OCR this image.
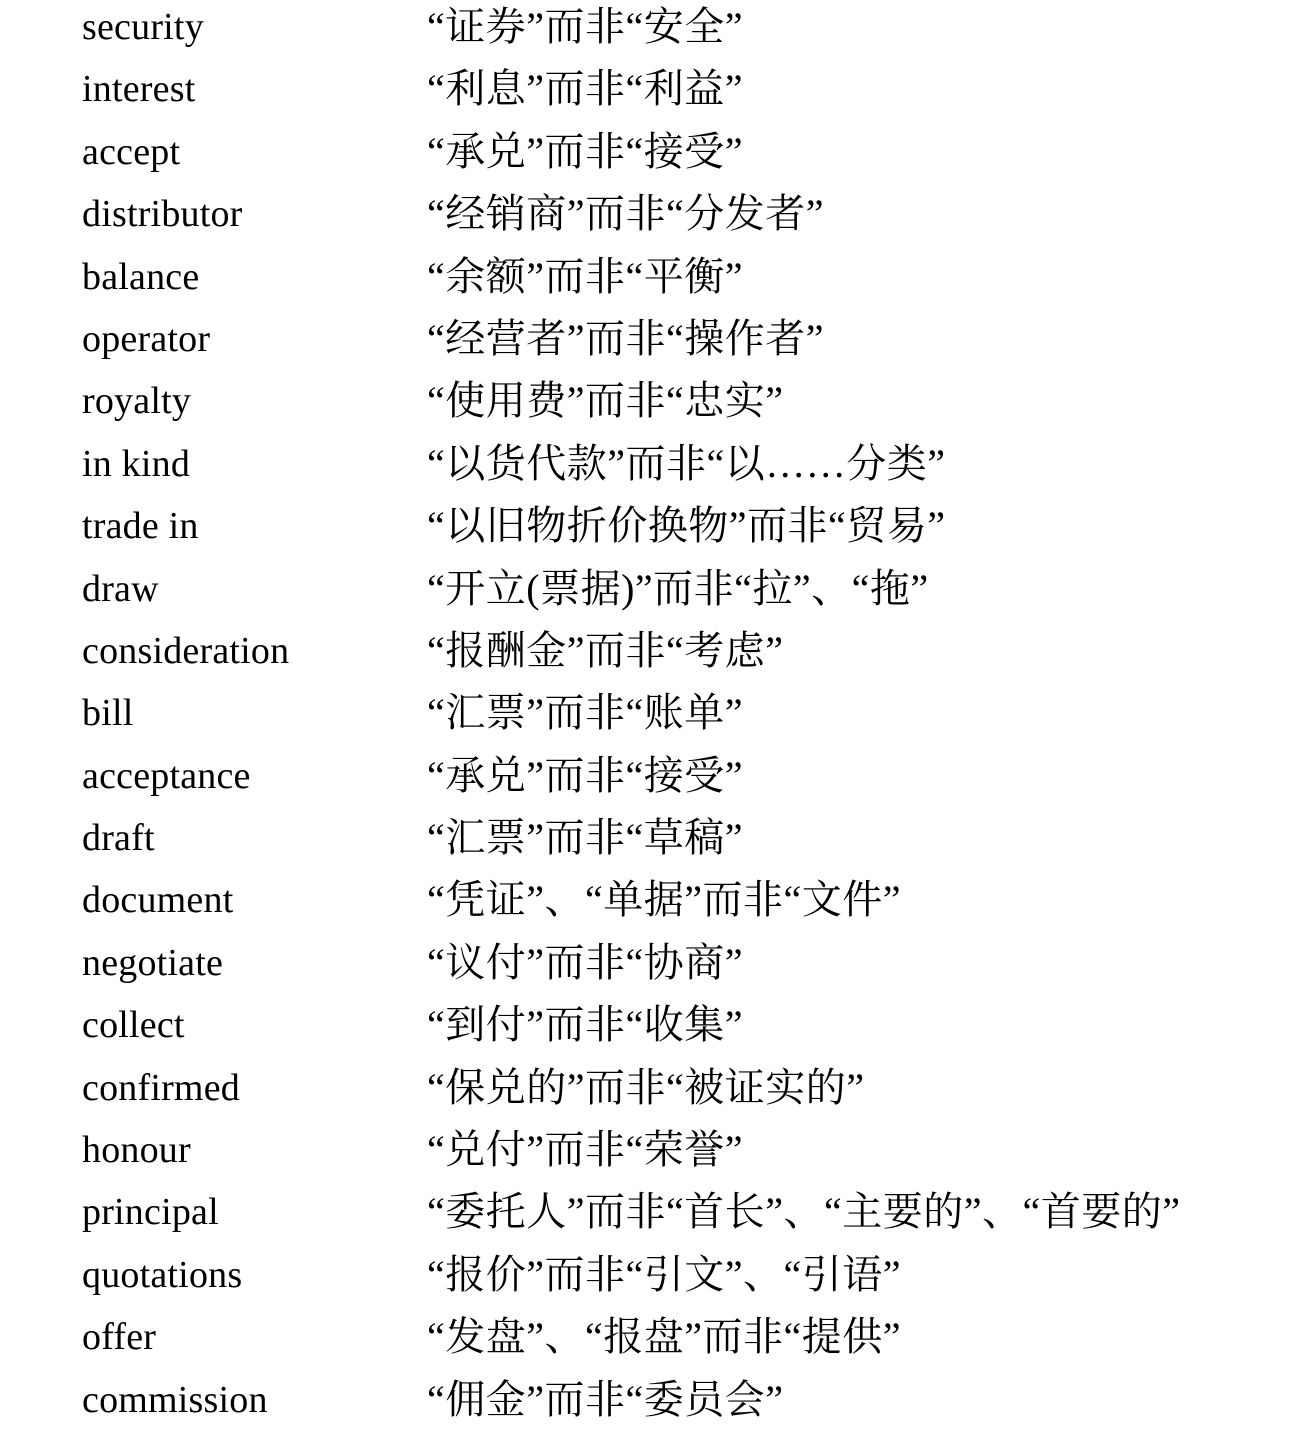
security	“证券”而非“安全”
interest	“利息”而非“利益”
accept	“承兑”而非“接受”
distributor	“经销商”而非“分发者”
balance	“余额”而非“平衡”
operator	“经营者”而非“操作者”
royalty	“使用费”而非“忠实”
in kind	“以货代款”而非“以……分类”
trade in	“以旧物折价换物”而非“贸易”
draw	“开立(票据)”而非“拉”、“拖”
consideration	“报酬金”而非“考虑”
bill	“汇票”而非“账单”
acceptance	“承兑”而非“接受”
draft	“汇票”而非“草稿”
document	“凭证”、“单据”而非“文件”
negotiate	“议付”而非“协商”
collect	“到付”而非“收集”
confirmed	“保兑的”而非“被证实的”
honour	“兑付”而非“荣誉”
principal	“委托人”而非“首长”、“主要的”、“首要的”
quotations	“报价”而非“引文”、“引语”
offer	“发盘”、“报盘”而非“提供”
commission	“佣金”而非“委员会”
